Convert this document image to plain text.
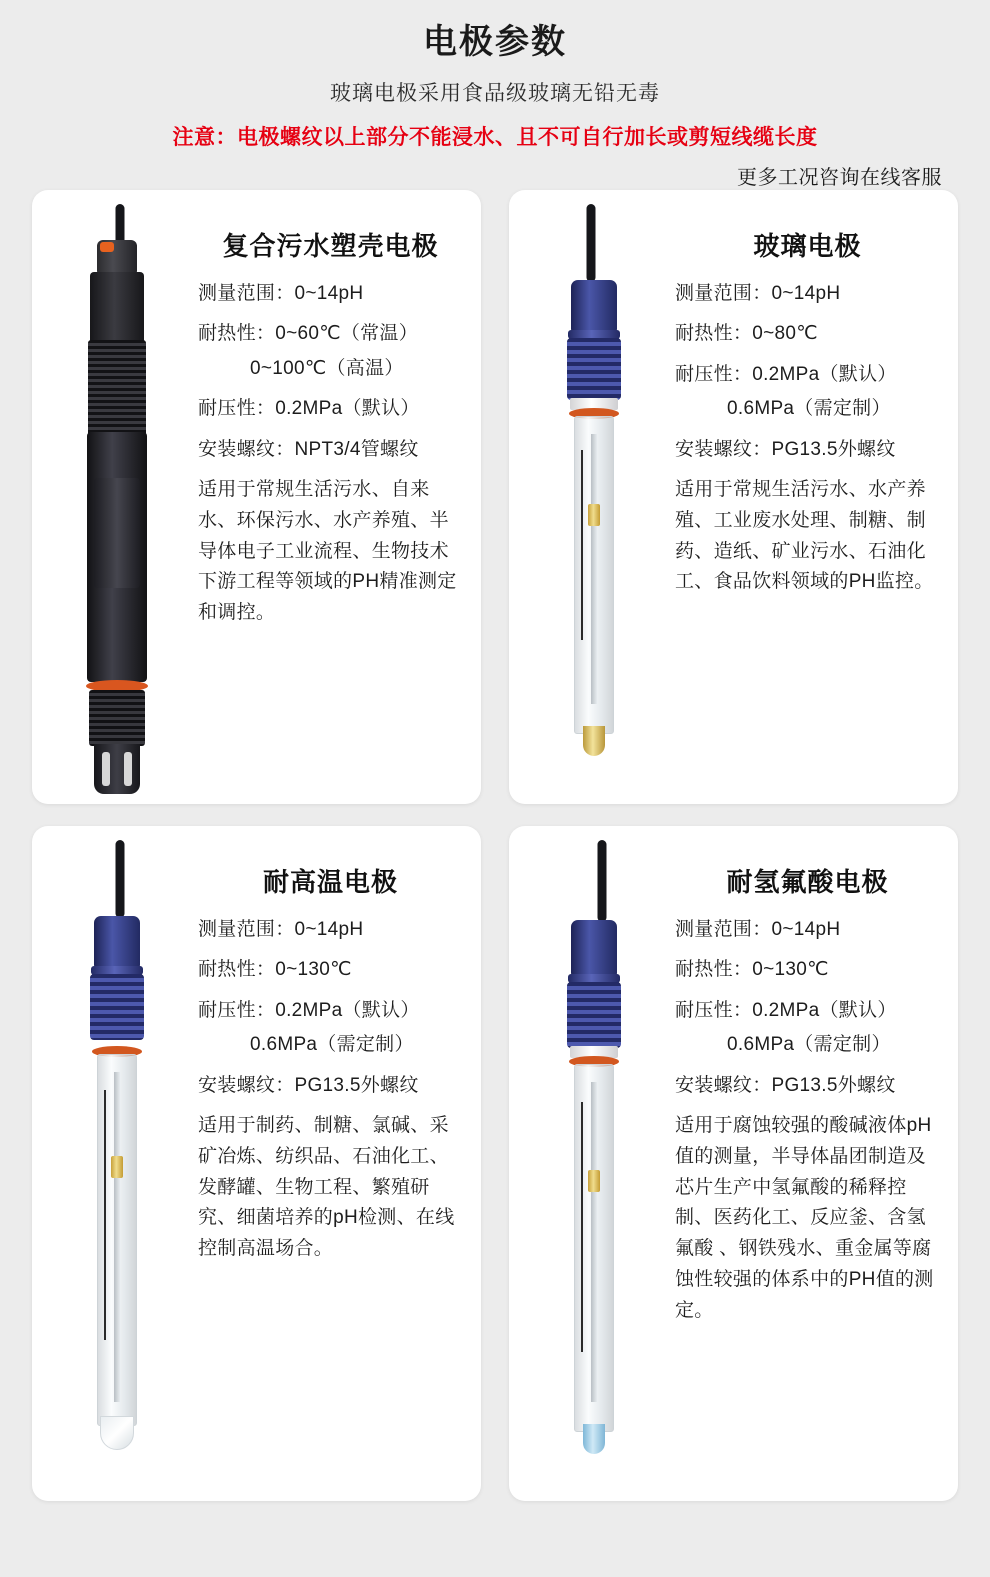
电极参数
玻璃电极采用食品级玻璃无铅无毒
注意：电极螺纹以上部分不能浸水、且不可自行加长或剪短线缆长度
更多工况咨询在线客服
复合污水塑壳电极
测量范围：0~14pH
耐热性：0~60℃（常温）
0~100℃（高温）
耐压性：0.2MPa（默认）
安装螺纹：NPT3/4管螺纹
适用于常规生活污水、自来水、环保污水、水产养殖、半导体电子工业流程、生物技术下游工程等领域的PH精准测定和调控。
玻璃电极
测量范围：0~14pH
耐热性：0~80℃
耐压性：0.2MPa（默认）
0.6MPa（需定制）
安装螺纹：PG13.5外螺纹
适用于常规生活污水、水产养殖、工业废水处理、制糖、制药、造纸、矿业污水、石油化工、食品饮料领域的PH监控。
耐高温电极
测量范围：0~14pH
耐热性：0~130℃
耐压性：0.2MPa（默认）
0.6MPa（需定制）
安装螺纹：PG13.5外螺纹
适用于制药、制糖、氯碱、采矿冶炼、纺织品、石油化工、发酵罐、生物工程、繁殖研究、细菌培养的pH检测、在线控制高温场合。
耐氢氟酸电极
测量范围：0~14pH
耐热性：0~130℃
耐压性：0.2MPa（默认）
0.6MPa（需定制）
安装螺纹：PG13.5外螺纹
适用于腐蚀较强的酸碱液体pH值的测量，半导体晶团制造及芯片生产中氢氟酸的稀释控制、医药化工、反应釜、含氢氟酸 、钢铁残水、重金属等腐蚀性较强的体系中的PH值的测定。
